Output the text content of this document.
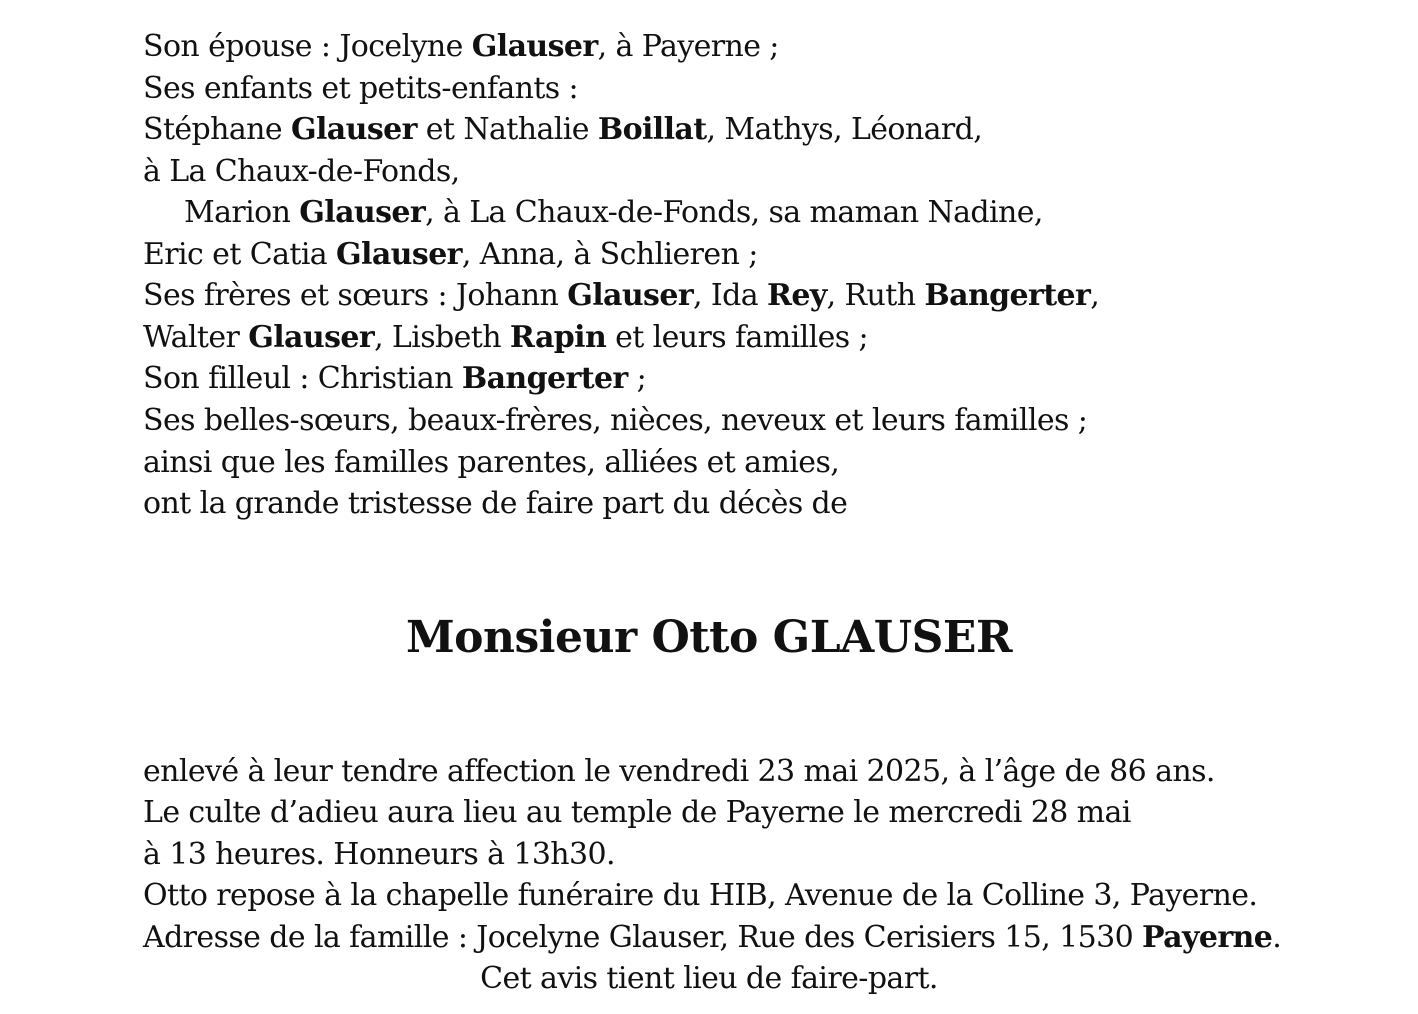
Son épouse : Jocelyne Glauser, à Payerne ;
Ses enfants et petits-enfants :
Stéphane Glauser et Nathalie Boillat, Mathys, Léonard,
à La Chaux-de-Fonds,
Marion Glauser, à La Chaux-de-Fonds, sa maman Nadine,
Eric et Catia Glauser, Anna, à Schlieren ;
Ses frères et sœurs : Johann Glauser, Ida Rey, Ruth Bangerter,
Walter Glauser, Lisbeth Rapin et leurs familles ;
Son filleul : Christian Bangerter ;
Ses belles-sœurs, beaux-frères, nièces, neveux et leurs familles ;
ainsi que les familles parentes, alliées et amies,
ont la grande tristesse de faire part du décès de
Monsieur Otto GLAUSER
enlevé à leur tendre affection le vendredi 23 mai 2025, à l’âge de 86 ans.
Le culte d’adieu aura lieu au temple de Payerne le mercredi 28 mai
à 13 heures. Honneurs à 13h30.
Otto repose à la chapelle funéraire du HIB, Avenue de la Colline 3, Payerne.
Adresse de la famille : Jocelyne Glauser, Rue des Cerisiers 15, 1530 Payerne.
Cet avis tient lieu de faire-part.
